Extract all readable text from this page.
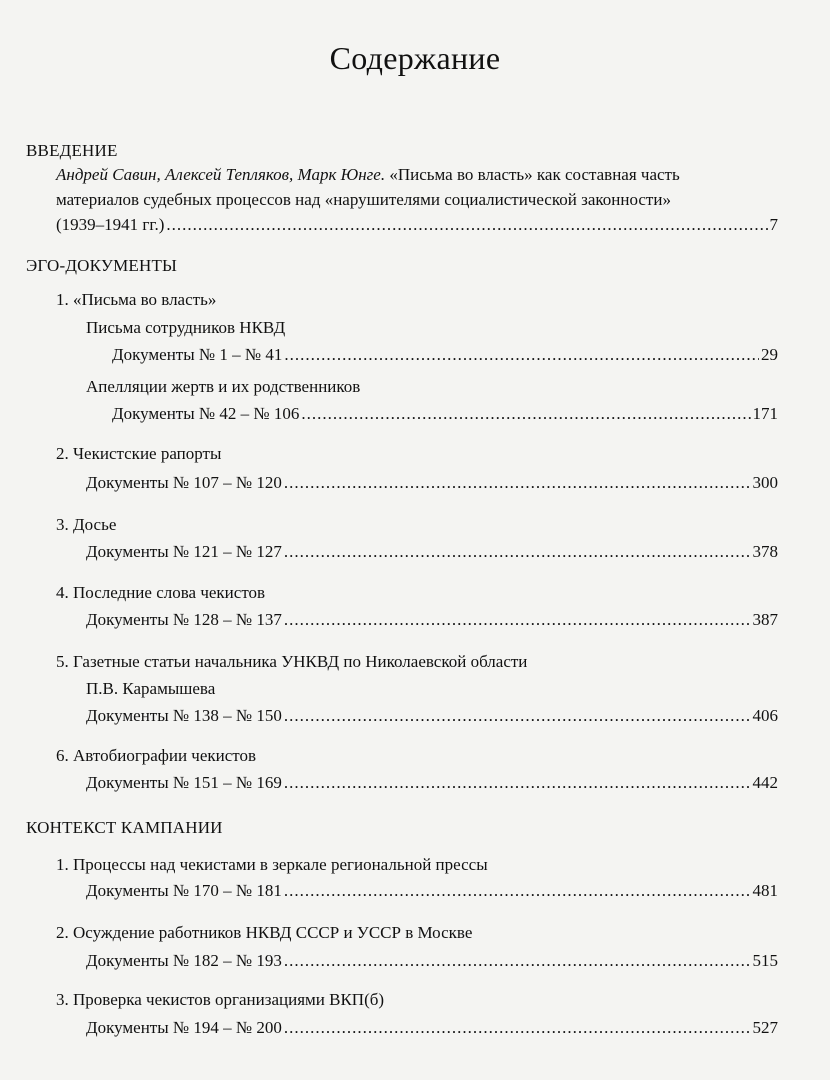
Содержание
ВВЕДЕНИЕ
Андрей Савин, Алексей Тепляков, Марк Юнге. «Письма во власть» как составная часть
материалов судебных процессов над «нарушителями социалистической законности»
(1939–1941 гг.) .....	7
ЭГО-ДОКУМЕНТЫ
1. «Письма во власть»
Письма сотрудников НКВД
Документы № 1 – № 41 .....	29
Апелляции жертв и их родственников
Документы № 42 – № 106 .....	171
2. Чекистские рапорты
Документы № 107 – № 120 .....	300
3. Досье
Документы № 121 – № 127 .....	378
4. Последние слова чекистов
Документы № 128 – № 137 .....	387
5. Газетные статьи начальника УНКВД по Николаевской области
П.В. Карамышева
Документы № 138 – № 150 .....	406
6. Автобиографии чекистов
Документы № 151 – № 169 .....	442
КОНТЕКСТ КАМПАНИИ
1. Процессы над чекистами в зеркале региональной прессы
Документы № 170 – № 181 .....	481
2. Осуждение работников НКВД СССР и УССР в Москве
Документы № 182 – № 193 .....	515
3. Проверка чекистов организациями ВКП(б)
Документы № 194 – № 200 .....	527
